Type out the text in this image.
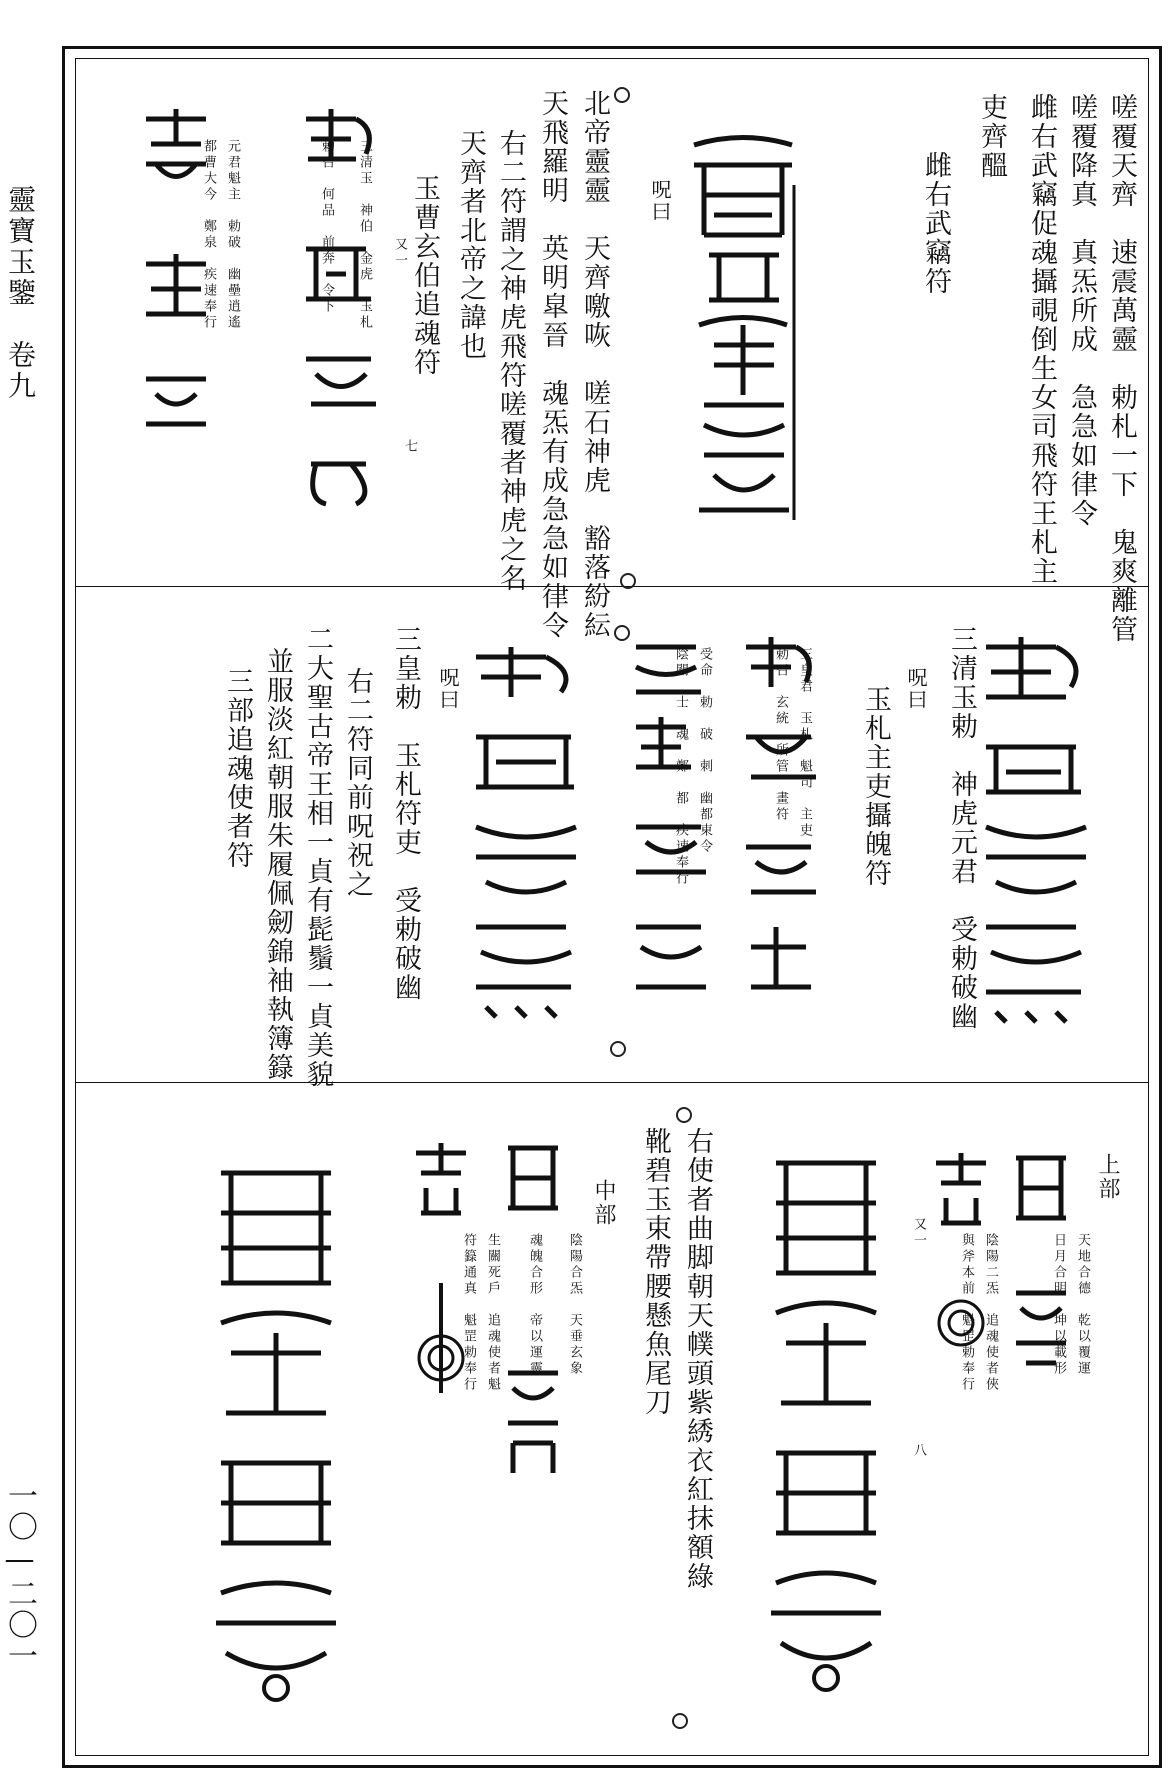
靈寶玉鑒　卷九
一〇—二〇一
嗟覆天齊　速震萬靈　勅札一下　鬼爽離管
嗟覆降真　真炁所成　急急如律令
雌右武竊促魂攝覗倒生女司飛符王札主
吏齊醞
雌右武竊符
呪曰
北帝靈靈　天齊噭咴　嗟石神虎　豁落紛紜
天飛羅明　英明皐晉　魂炁有成急急如律令
右二符謂之神虎飛符嗟覆者神虎之名
天齊者北帝之諱也
玉曹玄伯追魂符
又一
三清玉　神伯　金虎　玉札
勅召　何品　前奔　令下
七
元君魁主　勅破　幽壘逍遙
都曹大今　鄭泉　疾速奉行
三清玉勅　神虎元君　受勅破幽
呪曰
玉札主吏攝魄符
三皇君　玉札　魁司　主吏
勅召　玄統　所管　畫符
受命　勅　破　刺　幽都東令
陰關　士　魂　鄭　都　疾速奉行
呪曰
三皇勅　玉札符吏　受勅破幽
右二符同前呪祝之
二大聖古帝王相一貞有髭鬚一貞美貌
並服淡紅朝服朱履佩劒錦袖執簿籙
三部追魂使者符
上部
天地合德　乾以覆運
日月合明　坤以載形
陰陽二炁　追魂使者俠
與斧本前　魁罡勅奉行
又一
八
右使者曲脚朝天幞頭紫綉衣紅抹額綠
靴碧玉束帶腰懸魚尾刀
中部
陰陽合炁　天垂玄象
魂魄合形　帝以運靈
生關死戶　追魂使者魁
符籙通真　魁罡勅奉行
